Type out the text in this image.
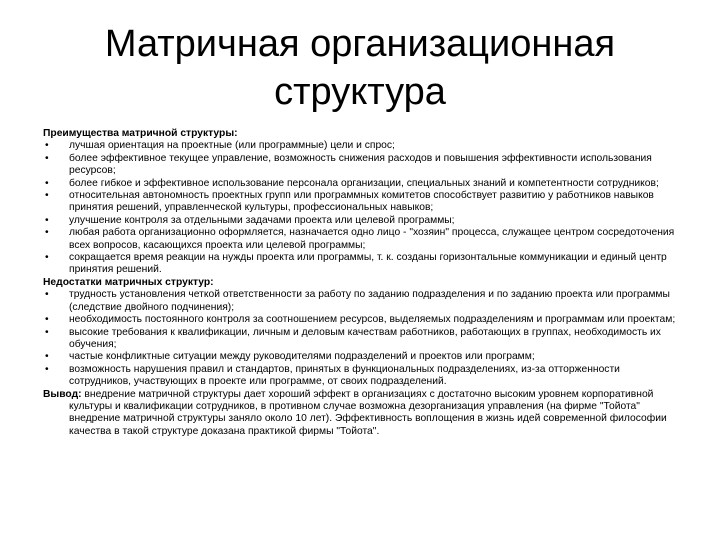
Матричная организационная
структура
Преимущества матричной структуры:
• лучшая ориентация на проектные (или программные) цели и спрос;
• более эффективное текущее управление, возможность снижения расходов и повышения эффективности использования ресурсов;
• более гибкое и эффективное использование персонала организации, специальных знаний и компетентности сотрудников;
• относительная автономность проектных групп или программных комитетов способствует развитию у работников навыков принятия решений, управленческой культуры, профессиональных навыков;
• улучшение контроля за отдельными задачами проекта или целевой программы;
• любая работа организационно оформляется, назначается одно лицо - "хозяин" процесса, служащее центром сосредоточения всех вопросов, касающихся проекта или целевой программы;
• сокращается время реакции на нужды проекта или программы, т. к. созданы горизонтальные коммуникации и единый центр принятия решений.
Недостатки матричных структур:
• трудность установления четкой ответственности за работу по заданию подразделения и по заданию проекта или программы (следствие двойного подчинения);
• необходимость постоянного контроля за соотношением ресурсов, выделяемых подразделениям и программам или проектам;
• высокие требования к квалификации, личным и деловым качествам работников, работающих в группах, необходимость их обучения;
• частые конфликтные ситуации между руководителями подразделений и проектов или программ;
• возможность нарушения правил и стандартов, принятых в функциональных подразделениях, из-за отторженности сотрудников, участвующих в проекте или программе, от своих подразделений.
Вывод: внедрение матричной структуры дает хороший эффект в организациях с достаточно высоким уровнем корпоративной культуры и квалификации сотрудников, в противном случае возможна дезорганизация управления (на фирме "Тойота" внедрение матричной структуры заняло около 10 лет). Эффективность воплощения в жизнь идей современной философии качества в такой структуре доказана практикой фирмы "Тойота".
